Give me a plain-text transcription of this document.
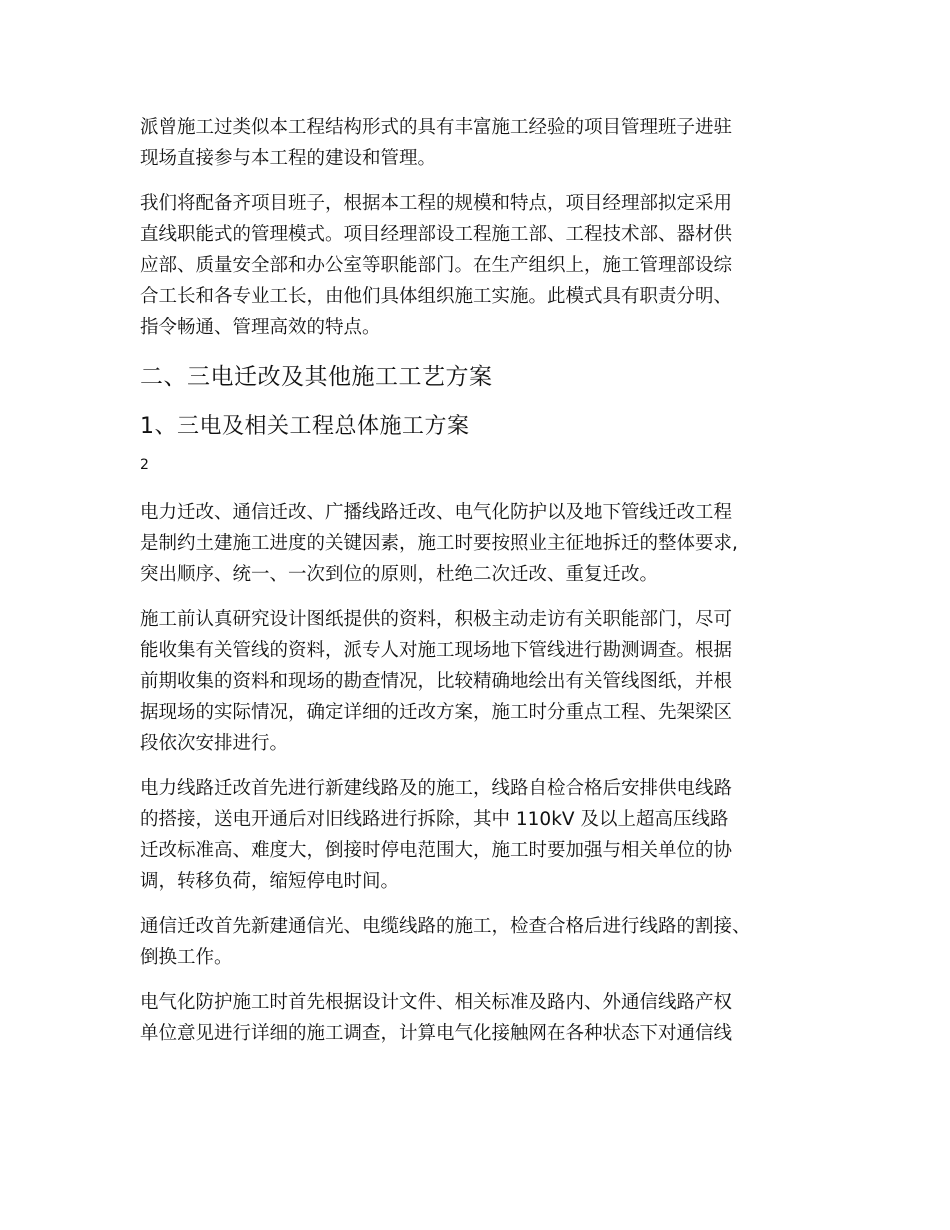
派曾施工过类似本工程结构形式的具有丰富施工经验的项目管理班子进驻
现场直接参与本工程的建设和管理。
我们将配备齐项目班子，根据本工程的规模和特点，项目经理部拟定采用
直线职能式的管理模式。项目经理部设工程施工部、工程技术部、器材供
应部、质量安全部和办公室等职能部门。在生产组织上，施工管理部设综
合工长和各专业工长，由他们具体组织施工实施。此模式具有职责分明、
指令畅通、管理高效的特点。
二、三电迁改及其他施工工艺方案
1、三电及相关工程总体施工方案
2
电力迁改、通信迁改、广播线路迁改、电气化防护以及地下管线迁改工程
是制约土建施工进度的关键因素，施工时要按照业主征地拆迁的整体要求,
突出顺序、统一、一次到位的原则，杜绝二次迁改、重复迁改。
施工前认真研究设计图纸提供的资料，积极主动走访有关职能部门，尽可
能收集有关管线的资料，派专人对施工现场地下管线进行勘测调查。根据
前期收集的资料和现场的勘查情况，比较精确地绘出有关管线图纸，并根
据现场的实际情况，确定详细的迁改方案，施工时分重点工程、先架梁区
段依次安排进行。
电力线路迁改首先进行新建线路及的施工，线路自检合格后安排供电线路
的搭接，送电开通后对旧线路进行拆除，其中 110kV 及以上超高压线路
迁改标准高、难度大，倒接时停电范围大，施工时要加强与相关单位的协
调，转移负荷，缩短停电时间。
通信迁改首先新建通信光、电缆线路的施工，检查合格后进行线路的割接、
倒换工作。
电气化防护施工时首先根据设计文件、相关标准及路内、外通信线路产权
单位意见进行详细的施工调查，计算电气化接触网在各种状态下对通信线
